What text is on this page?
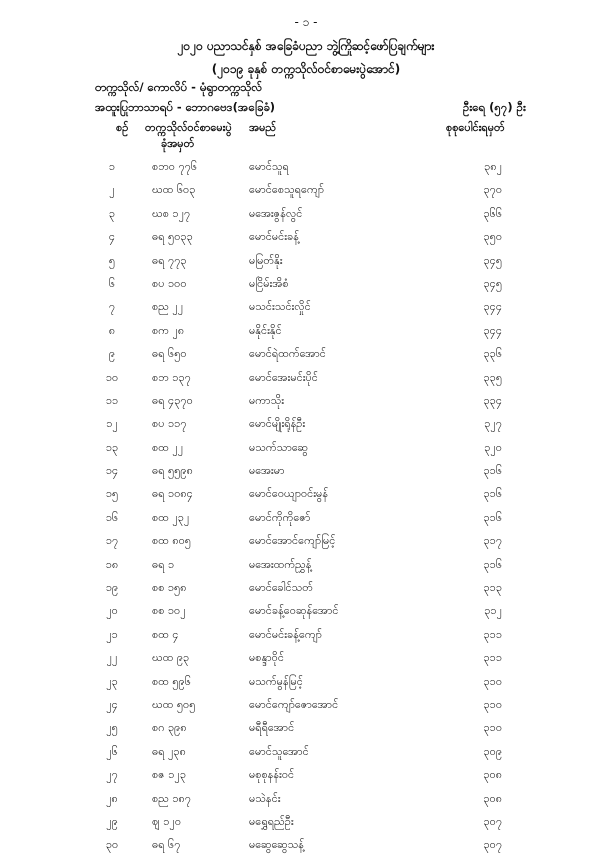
- ၁ -
၂၀၂၀ ပညာသင်နှစ် အခြေခံပညာ ဘွဲ့ကြိုဆင့်ဖော်ပြချက်များ
(၂၀၁၉ ခုနှစ် တက္ကသိုလ်ဝင်စာမေးပွဲအောင်)
တက္ကသိုလ်/ ကောလိပ် - မုံရွာတက္ကသိုလ်
အထူးပြုဘာသာရပ် - ဘောဂဗေဒ(အခြေခံ)	ဦးရေ (၅၇) ဦး
စဉ် တက္ကသိုလ်ဝင်စာမေးပွဲ
ခုံအမှတ်
အမည်	စုစုပေါင်းရမှတ်
၁	စဘဝ ၇၇၆	မောင်သူရ	၃၈၂
၂	ဃထ ၆၀၃	မောင်စေသူရကျော်	၃၇၀
၃	ဃစ ၁၂၇	မအေးဇွန်လွင်	၃၆၆
၄	ဓရ ၅၀၃၃	မောင်မင်းခန့်	၃၅၀
၅	ဓရ ၇၇၃	မမြတ်နိုး	၃၄၅
၆	စပ ၁၀၀	မငြိမ်းအိစံ	၃၄၅
၇	စည ၂၂	မသင်းသင်းလှိုင်	၃၄၄
၈	စက ၂၈	မနိုင်းနိုင်	၃၄၄
၉	ဓရ ၆၅၀	မောင်ရဲထက်အောင်	၃၃၆
၁၀	စဘ ၁၃၇	မောင်အေးမင်းပိုင်	၃၃၅
၁၁	ဓရ ၄၃၇၀	မကာသိုး	၃၃၄
၁၂	စပ ၁၁၇	မောင်မျိုးရိုန်ဦး	၃၂၇
၁၃	စထ ၂၂	မသက်သာဆွေ	၃၂၀
၁၄	ဓရ ၅၅၉၈	မအေးမာ	၃၁၆
၁၅	ဓရ ၁၀၈၄	မောင်ဝေယျာဝင်းမွန်	၃၁၆
၁၆	စထ ၂၃၂	မောင်ကိုကိုဇော်	၃၁၆
၁၇	စထ ၈၀၅	မောင်အောင်ကျော်မြင့်	၃၁၇
၁၈	ဓရ ၁	မအေးထက်ညွှန့်	၃၁၆
၁၉	စစ ၁၅၈	မောင်ခေါင်သတ်	၃၁၃
၂၀	စစ ၁၀၂	မောင်ခန့်ဝေဆုန်အောင်	၃၁၂
၂၁	စထ ၄	မောင်မင်းခန့်ကျော်	၃၁၁
၂၂	ဃထ ၉၃	မစန္ဒာဝိုင်	၃၁၁
၂၃	စထ ၅၉၆	မသက်မွန်မြင့်	၃၁၀
၂၄	ဃထ ၅၀၅	မောင်ကျော်ဇောအောင်	၃၁၀
၂၅	စဂ ၃၉၈	မရီရီအောင်	၃၁၀
၂၆	ဓရ ၂၃၈	မောင်သူအောင်	၃၀၉
၂၇	စဇ ၁၂၃	မစုစုနန်းဝင်	၃၀၈
၂၈	စည ၁၈၇	မသဲနင်း	၃၀၈
၂၉	ဈ ၁၂၀	မရွှေရည်ဦး	၃၀၇
၃၀	ဓရ ၆၇	မဆွေဆွေသန့်	၃၀၇
